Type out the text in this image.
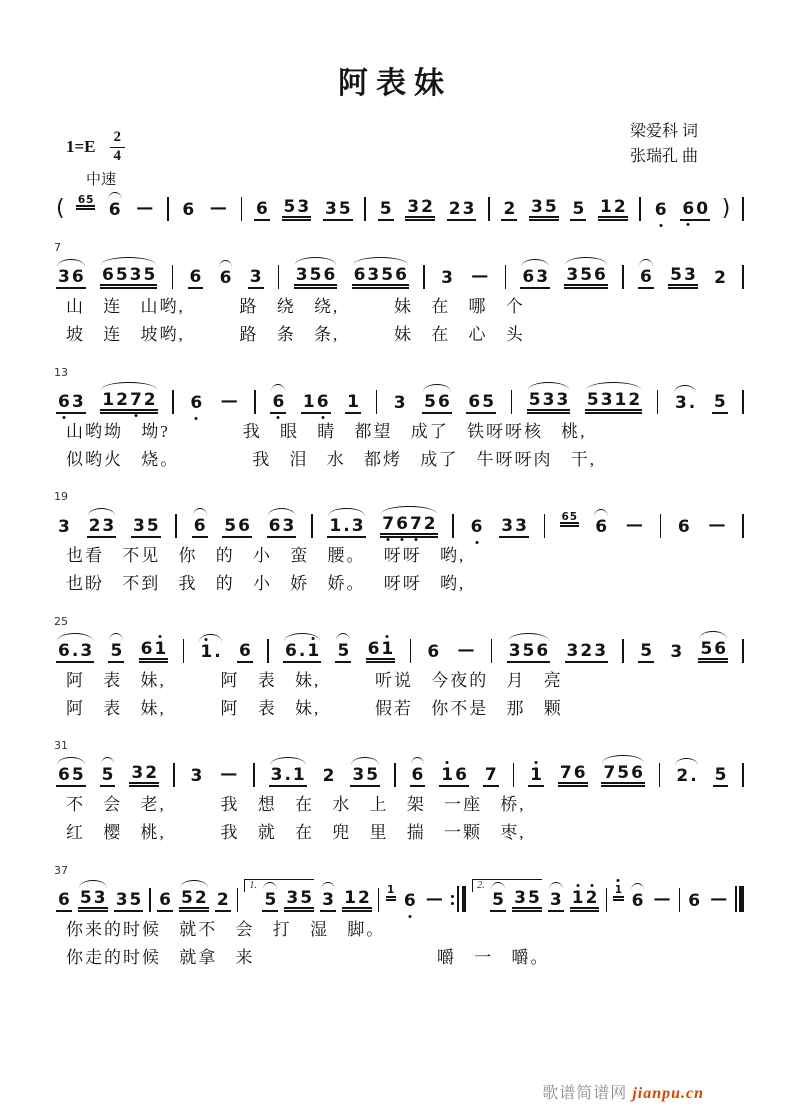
阿表妹
梁爱科 词
张瑞孔 曲
$1=E \frac{2}{4}$
中速
( 6 5
6 — 6 — 6 5 3 3 5 5 3 2 2 3 2 3 5 5 1 2 6 6 0 )
7
3 6 6 5 3 5 6 6 3 3 5 6 6 3 5 6 3 — 6 3 3 5 6 6 5 3 2
山 连 山哟,   路 绕 绕,   妹 在 哪 个
坡 连 坡哟,   路 条 条,   妹 在 心 头
13
6 3 1 2 7 2 6 — 6 1 6 1 3 5 6 6 5 5 3 3 5 3 1 2 3 . 5
山哟坳 坳?    我 眼 睛 都望 成了 铁呀呀核 桃,
似哟火 烧。    我 泪 水 都烤 成了 牛呀呀肉 干,
19
3 2 3 3 5 6 5 6 6 3 1 . 3 7 6 7 2 6 3 3	6 5
6 — 6 —
也看 不见 你 的 小 蛮 腰。 呀呀 哟,
也盼 不到 我 的 小 娇 娇。 呀呀 哟,
25
6 . 3 5 6 1 1 . 6 6 . 1 5 6 1 6 — 3 5 6 3 2 3 5 3 5 6
阿 表 妹,   阿 表 妹,   听说 今夜的 月 亮
阿 表 妹,   阿 表 妹,   假若 你不是 那 颗
31
6 5 5 3 2 3 — 3 . 1 2 3 5 6 1 6 7 1 7 6 7 5 6 2 . 5
不 会 老,   我 想 在 水 上 架 一座 桥,
红 樱 桃,   我 就 在 兜 里 揣 一颗 枣,
37
6 5 3 3 5 6 5 2 2
1.
5 3 5 3 1 2 1
6 —
2.
5 3 5 3 1 2 1
6 — 6 —
你来的时候 就不 会 打 湿 脚。
你走的时候 就拿 来          嚼 一 嚼。
歌谱简谱网 jianpu.cn
